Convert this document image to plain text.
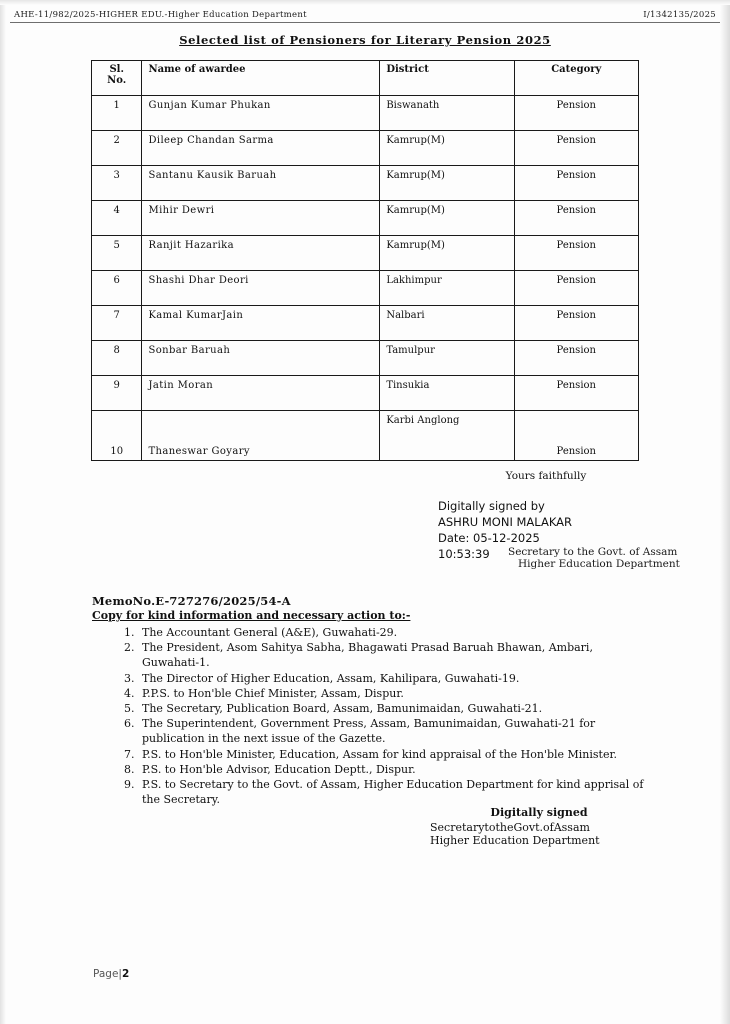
AHE-11/982/2025-HIGHER EDU.-Higher Education Department	I/1342135/2025
Selected list of Pensioners for Literary Pension 2025
Sl.
No.	Name of awardee	District	Category
1	Gunjan Kumar Phukan	Biswanath	Pension
2	Dileep Chandan Sarma	Kamrup(M)	Pension
3	Santanu Kausik Baruah	Kamrup(M)	Pension
4	Mihir Dewri	Kamrup(M)	Pension
5	Ranjit Hazarika	Kamrup(M)	Pension
6	Shashi Dhar Deori	Lakhimpur	Pension
7	Kamal KumarJain	Nalbari	Pension
8	Sonbar Baruah	Tamulpur	Pension
9	Jatin Moran	Tinsukia	Pension
10	Thaneswar Goyary	Karbi Anglong	Pension
Yours faithfully
Digitally signed by
ASHRU MONI MALAKAR
Date: 05-12-2025
10:53:39	Secretary to the Govt. of Assam
Higher Education Department
MemoNo.E-727276/2025/54-A
Copy for kind information and necessary action to:-
1. The Accountant General (A&E), Guwahati-29.
2. The President, Asom Sahitya Sabha, Bhagawati Prasad Baruah Bhawan, Ambari, Guwahati-1.
3. The Director of Higher Education, Assam, Kahilipara, Guwahati-19.
4. P.P.S. to Hon'ble Chief Minister, Assam, Dispur.
5. The Secretary, Publication Board, Assam, Bamunimaidan, Guwahati-21.
6. The Superintendent, Government Press, Assam, Bamunimaidan, Guwahati-21 for publication in the next issue of the Gazette.
7. P.S. to Hon'ble Minister, Education, Assam for kind appraisal of the Hon'ble Minister.
8. P.S. to Hon'ble Advisor, Education Deptt., Dispur.
9. P.S. to Secretary to the Govt. of Assam, Higher Education Department for kind apprisal of the Secretary.
Digitally signed
SecretarytotheGovt.ofAssam
Higher Education Department
Page|2
